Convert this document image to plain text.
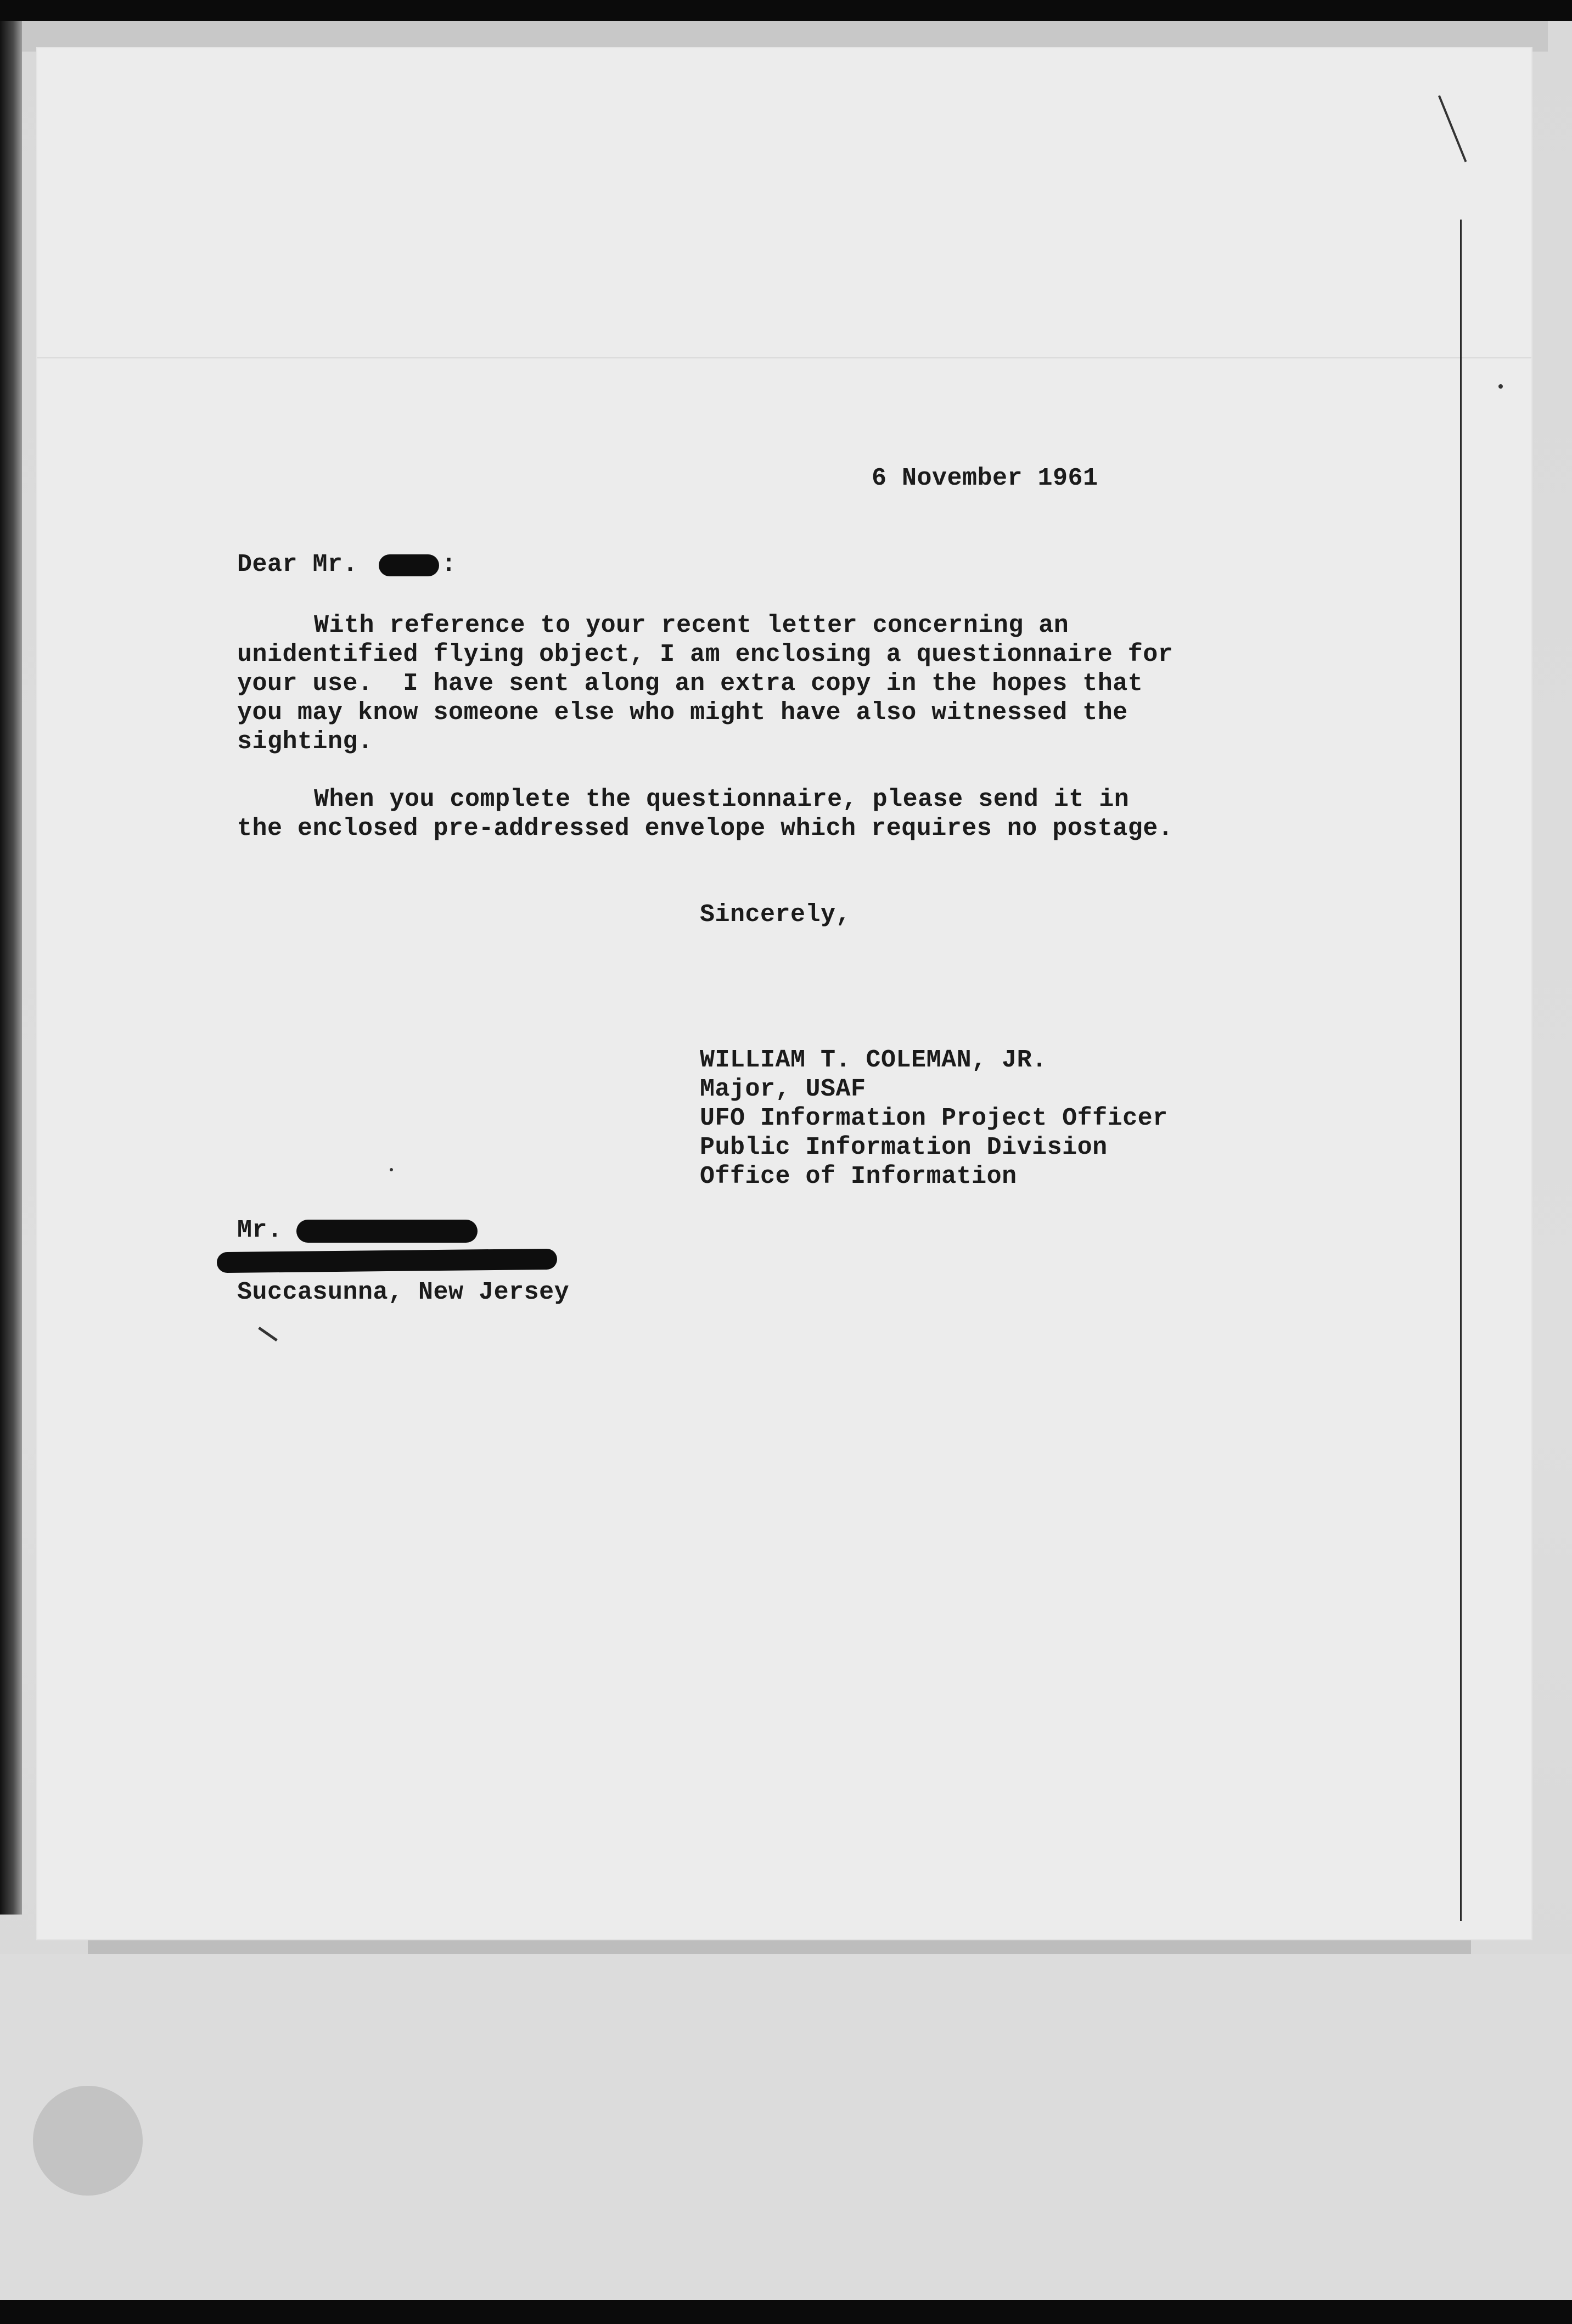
6 November 1961

Dear Mr.	:

With reference to your recent letter concerning an

unidentified flying object, I am enclosing a questionnaire for

your use.  I have sent along an extra copy in the hopes that

you may know someone else who might have also witnessed the

sighting.

When you complete the questionnaire, please send it in

the enclosed pre-addressed envelope which requires no postage.

Sincerely,

WILLIAM T. COLEMAN, JR.

Major, USAF

UFO Information Project Officer

Public Information Division

Office of Information

Mr.

Succasunna, New Jersey
